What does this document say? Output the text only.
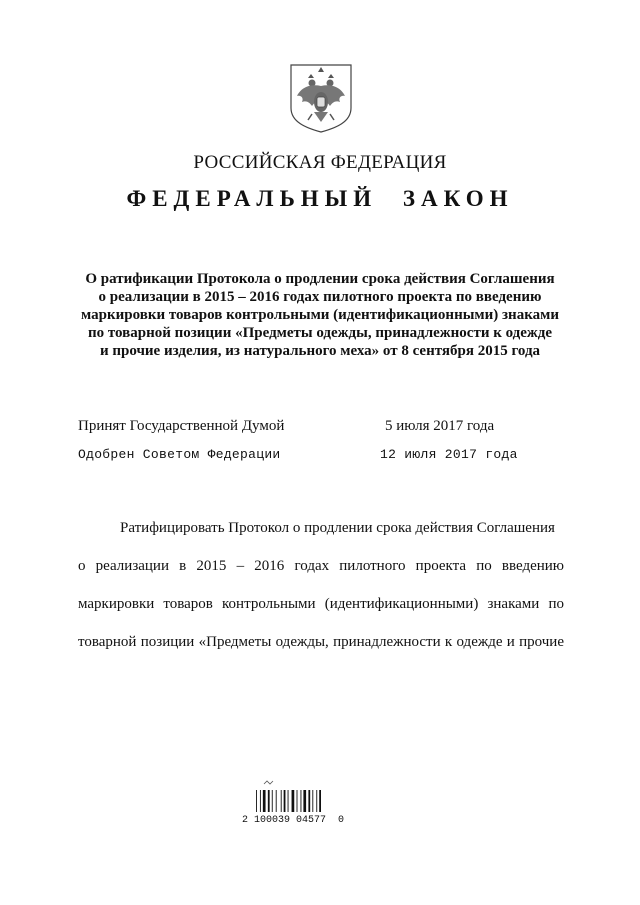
РОССИЙСКАЯ ФЕДЕРАЦИЯ
ФЕДЕРАЛЬНЫЙ ЗАКОН
О ратификации Протокола о продлении срока действия Соглашения
о реализации в 2015 – 2016 годах пилотного проекта по введению
маркировки товаров контрольными (идентификационными) знаками
по товарной позиции «Предметы одежды, принадлежности к одежде
и прочие изделия, из натурального меха» от 8 сентября 2015 года
Принят Государственной Думой	5 июля 2017 года
Одобрен Советом Федерации	12 июля 2017 года
Ратифицировать Протокол о продлении срока действия Соглашения
о реализации в 2015 – 2016 годах пилотного проекта по введению
маркировки товаров контрольными (идентификационными) знаками по
товарной позиции «Предметы одежды, принадлежности к одежде и прочие
2 100039 04577  0
